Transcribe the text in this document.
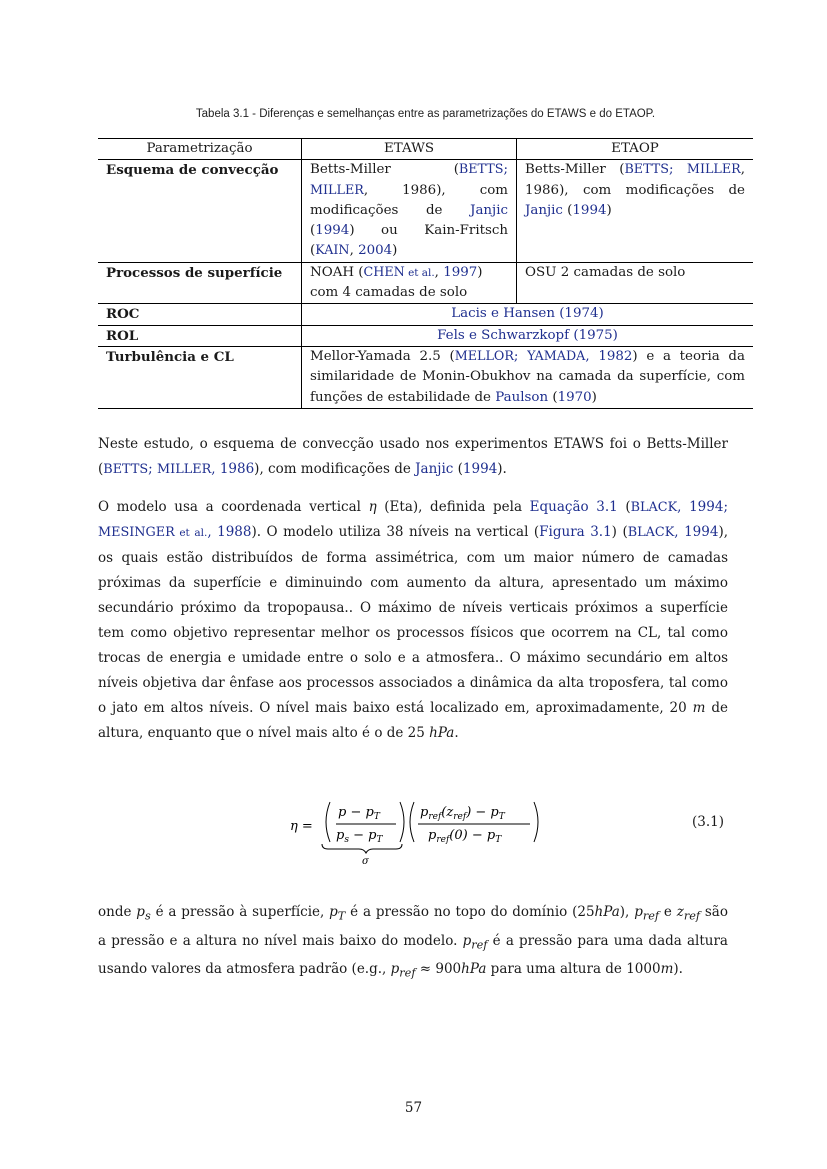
Tabela 3.1 - Diferenças e semelhanças entre as parametrizações do ETAWS e do ETAOP.
Parametrização	ETAWS	ETAOP
Esquema de convecção	Betts-Miller (BETTS; MILLER, 1986), com modificações de Janjic (1994) ou Kain-Fritsch (KAIN, 2004)	Betts-Miller (BETTS; MILLER, 1986), com modificações de Janjic (1994)
Processos de superfície	NOAH (CHEN et al., 1997) com 4 camadas de solo	OSU 2 camadas de solo
ROC	Lacis e Hansen (1974)	
ROL	Fels e Schwarzkopf (1975)	
Turbulência e CL	Mellor-Yamada 2.5 (MELLOR; YAMADA, 1982) e a teoria da similaridade de Monin-Obukhov na camada da superfície, com funções de estabilidade de Paulson (1970)	

Neste estudo, o esquema de convecção usado nos experimentos ETAWS foi o Betts-Miller (BETTS; MILLER, 1986), com modificações de Janjic (1994).

O modelo usa a coordenada vertical η (Eta), definida pela Equação 3.1 (BLACK, 1994; MESINGER et al., 1988). O modelo utiliza 38 níveis na vertical (Figura 3.1) (BLACK, 1994), os quais estão distribuídos de forma assimétrica, com um maior número de camadas próximas da superfície e diminuindo com aumento da altura, apresentado um máximo secundário próximo da tropopausa.. O máximo de níveis verticais próximos a superfície tem como objetivo representar melhor os processos físicos que ocorrem na CL, tal como trocas de energia e umidade entre o solo e a atmosfera.. O máximo secundário em altos níveis objetiva dar ênfase aos processos associados a dinâmica da alta troposfera, tal como o jato em altos níveis. O nível mais baixo está localizado em, aproximadamente, 20 m de altura, enquanto que o nível mais alto é o de 25 hPa.

η =
$p - p_T$
$p_s - p_T$
σ
$p_{ref}(z_{ref}) - p_T$
$p_{ref}(0) - p_T$
(3.1)

onde $p_s$ é a pressão à superfície, $p_T$ é a pressão no topo do domínio (25hPa), $p_{ref}$ e $z_{ref}$ são a pressão e a altura no nível mais baixo do modelo. $p_{ref}$ é a pressão para uma dada altura usando valores da atmosfera padrão (e.g., $p_{ref} \approx 900hPa$ para uma altura de 1000m).

57
